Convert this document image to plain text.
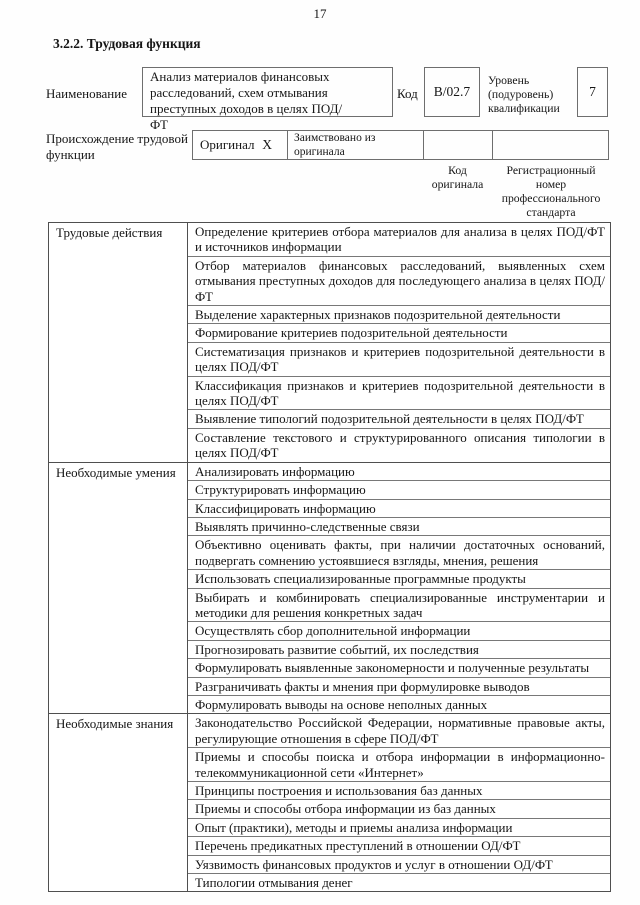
17
3.2.2. Трудовая функция
Наименование
Анализ материалов финансовых расследований, схем отмывания преступных доходов в целях ПОД/ФТ
Код	В/02.7
Уровень (подуровень) квалификации
7
Происхождение трудовой функции
Оригинал X	Заимствовано из оригинала
Код оригинала
Регистрационный номер профессионального стандарта
Трудовые действия	Определение критериев отбора материалов для анализа в целях ПОД/ФТ и источников информации
Отбор материалов финансовых расследований, выявленных схем отмывания преступных доходов для последующего анализа в целях ПОД/ФТ
Выделение характерных признаков подозрительной деятельности
Формирование критериев подозрительной деятельности
Систематизация признаков и критериев подозрительной деятельности в целях ПОД/ФТ
Классификация признаков и критериев подозрительной деятельности в целях ПОД/ФТ
Выявление типологий подозрительной деятельности в целях ПОД/ФТ
Составление текстового и структурированного описания типологии в целях ПОД/ФТ
Необходимые умения	Анализировать информацию
Структурировать информацию
Классифицировать информацию
Выявлять причинно-следственные связи
Объективно оценивать факты, при наличии достаточных оснований, подвергать сомнению устоявшиеся взгляды, мнения, решения
Использовать специализированные программные продукты
Выбирать и комбинировать специализированные инструментарии и методики для решения конкретных задач
Осуществлять сбор дополнительной информации
Прогнозировать развитие событий, их последствия
Формулировать выявленные закономерности и полученные результаты
Разграничивать факты и мнения при формулировке выводов
Формулировать выводы на основе неполных данных
Необходимые знания	Законодательство Российской Федерации, нормативные правовые акты, регулирующие отношения в сфере ПОД/ФТ
Приемы и способы поиска и отбора информации в информационно-телекоммуникационной сети «Интернет»
Принципы построения и использования баз данных
Приемы и способы отбора информации из баз данных
Опыт (практики), методы и приемы анализа информации
Перечень предикатных преступлений в отношении ОД/ФТ
Уязвимость финансовых продуктов и услуг в отношении ОД/ФТ
Типологии отмывания денег
